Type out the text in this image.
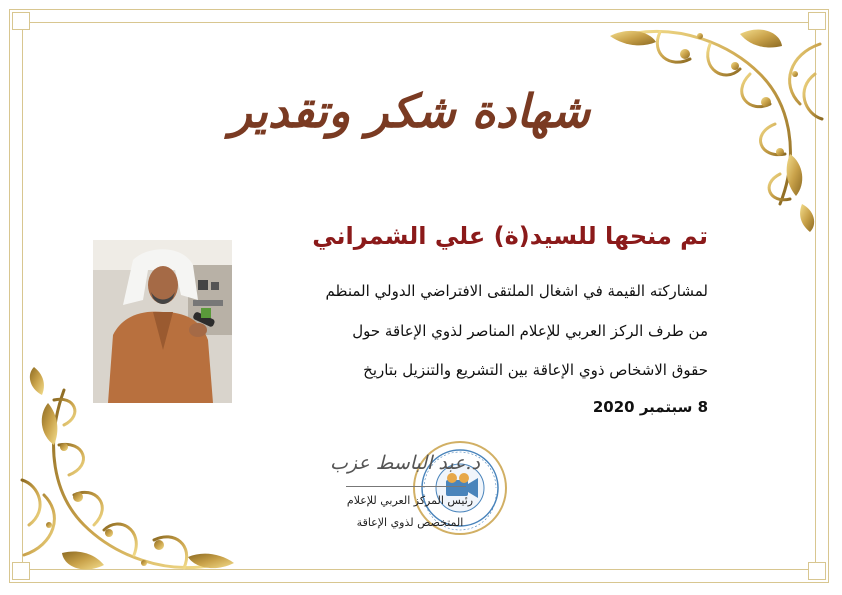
شهادة شكر وتقدير
تم منحها للسيد(ة) علي الشمراني
لمشاركته القيمة في اشغال الملتقى الافتراضي الدولي المنظم
من طرف الركز العربي للإعلام المناصر لذوي الإعاقة حول
حقوق الاشخاص ذوي الإعاقة بين التشريع والتنزيل بتاريخ
8 سبتمبر 2020
د.عبد الباسط عزب
رئيس المركز العربي للإعلام
المتخصص لذوي الإعاقة
